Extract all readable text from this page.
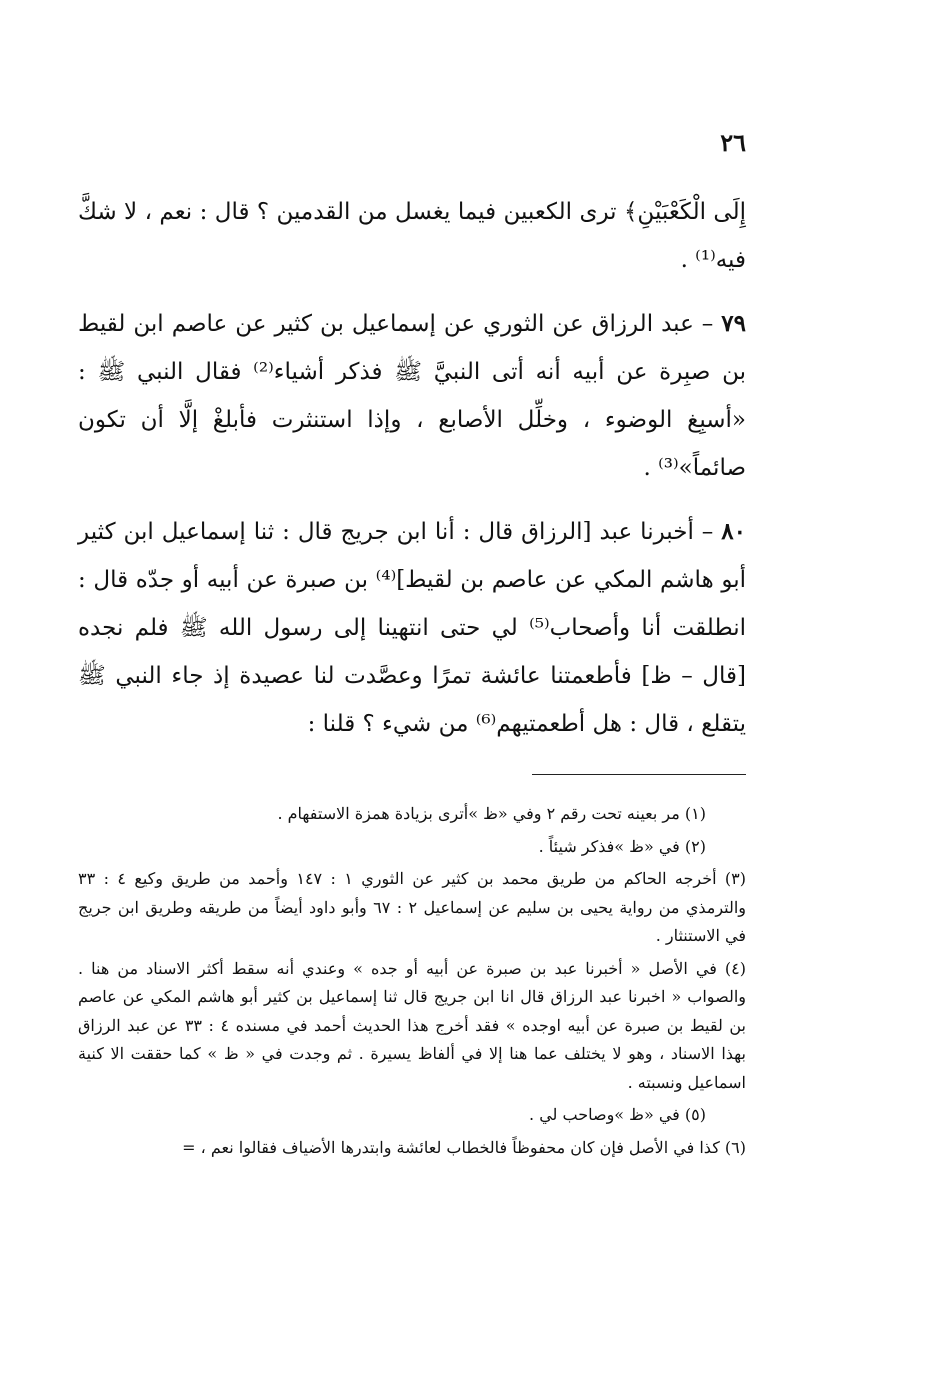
٢٦

إِلَى الْكَعْبَيْنِ﴾ ترى الكعبين فيما يغسل من القدمين ؟ قال : نعم ، لا شكَّ فيه⁽¹⁾ .

٧٩ – عبد الرزاق عن الثوري عن إسماعيل بن كثير عن عاصم ابن لقيط بن صبِرة عن أبيه أنه أتى النبيَّ ﷺ فذكر أشياء⁽²⁾ فقال النبي ﷺ : «أسبِغ الوضوء ، وخلِّل الأصابع ، وإذا استنثرت فأبلغْ إلَّا أن تكون صائماً»⁽³⁾ .

٨٠ – أخبرنا عبد [الرزاق قال : أنا ابن جريج قال : ثنا إسماعيل ابن كثير أبو هاشم المكي عن عاصم بن لقيط]⁽⁴⁾ بن صبرة عن أبيه أو جدّه قال : انطلقت أنا وأصحاب⁽⁵⁾ لي حتى انتهينا إلى رسول الله ﷺ فلم نجده [قال – ظ] فأطعمتنا عائشة تمرًا وعصَّدت لنا عصيدة إذ جاء النبي ﷺ يتقلع ، قال : هل أطعمتيهم⁽⁶⁾ من شيء ؟ قلنا :

(١) مر بعينه تحت رقم ٢ وفي «ظ »أترى بزيادة همزة الاستفهام .

(٢) في «ظ »فذكر شيئاً .

(٣) أخرجه الحاكم من طريق محمد بن كثير عن الثوري ١ : ١٤٧ وأحمد من طريق وكيع ٤ : ٣٣ والترمذي من رواية يحيى بن سليم عن إسماعيل ٢ : ٦٧ وأبو داود أيضاً من طريقه وطريق ابن جريج في الاستنثار .

(٤) في الأصل « أخبرنا عبد بن صبرة عن أبيه أو جده » وعندي أنه سقط أكثر الاسناد من هنا . والصواب « اخبرنا عبد الرزاق قال انا ابن جريج قال ثنا إسماعيل بن كثير أبو هاشم المكي عن عاصم بن لقيط بن صبرة عن أبيه اوجده » فقد أخرج هذا الحديث أحمد في مسنده ٤ : ٣٣ عن عبد الرزاق بهذا الاسناد ، وهو لا يختلف عما هنا إلا في ألفاظ يسيرة . ثم وجدت في « ظ » كما حققت الا كنية اسماعيل ونسبته .

(٥) في «ظ »وصاحب لي .

(٦) كذا في الأصل فإن كان محفوظاً فالخطاب لعائشة وابتدرها الأضياف فقالوا نعم ، =
